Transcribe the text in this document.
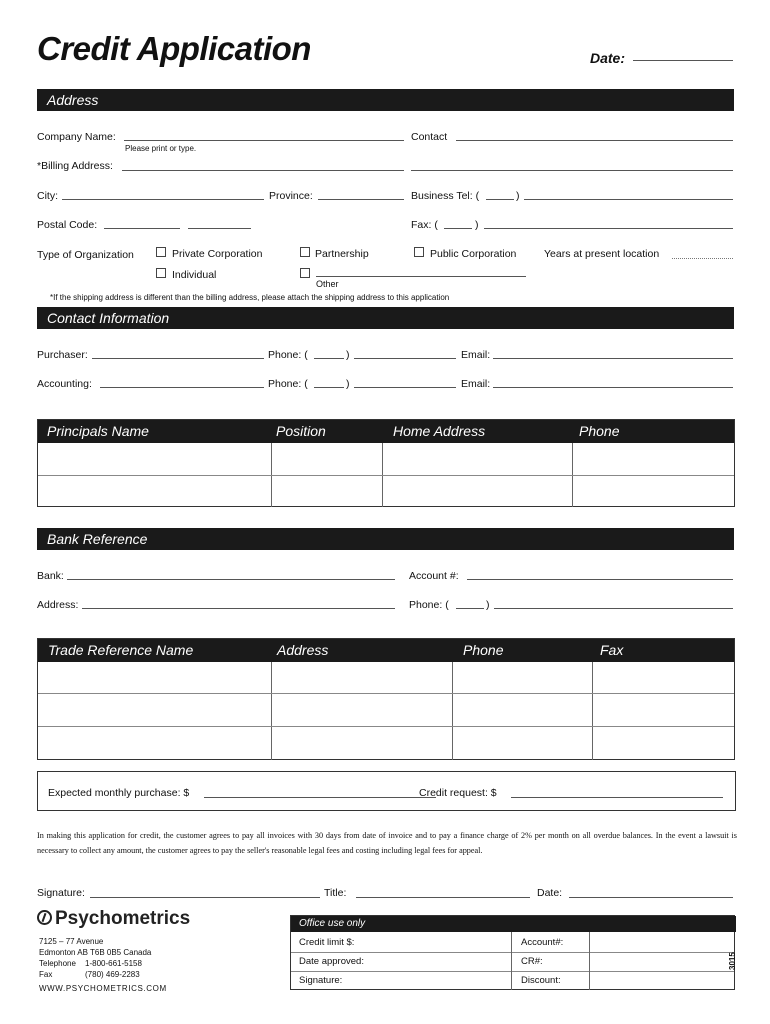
Credit Application	Date:
Address
Company Name:
Please print or type.
Contact
*Billing Address:
City:	Province:	Business Tel: (	)
Postal Code:	Fax: (	)
Type of Organization	Private Corporation	Partnership	Public Corporation	Years at present location
Individual
Other
*If the shipping address is different than the billing address, please attach the shipping address to this application
Contact Information
Purchaser:	Phone: (	)	Email:
Accounting:	Phone: (	)	Email:
Principals Name	Position	Home Address	Phone
Bank Reference
Bank:	Account #:
Address:	Phone: (	)
Trade Reference Name	Address	Phone	Fax
Expected monthly purchase: $	Credit request: $
In making this application for credit, the customer agrees to pay all invoices with 30 days from date of invoice and to pay a finance charge of 2% per month on all overdue balances. In the event a lawsuit is necessary to collect any amount, the customer agrees to pay the seller's reasonable legal fees and costing including legal fees for appeal.
Signature:	Title:	Date:
Psychometrics
7125 – 77 Avenue
Edmonton AB T6B 0B5 Canada
Telephone 1-800-661-5158
Fax	(780) 469-2283
WWW.PSYCHOMETRICS.COM
Office use only
Credit limit $:	Account#:
Date approved:	CR#:
Signature:	Discount:
3015
